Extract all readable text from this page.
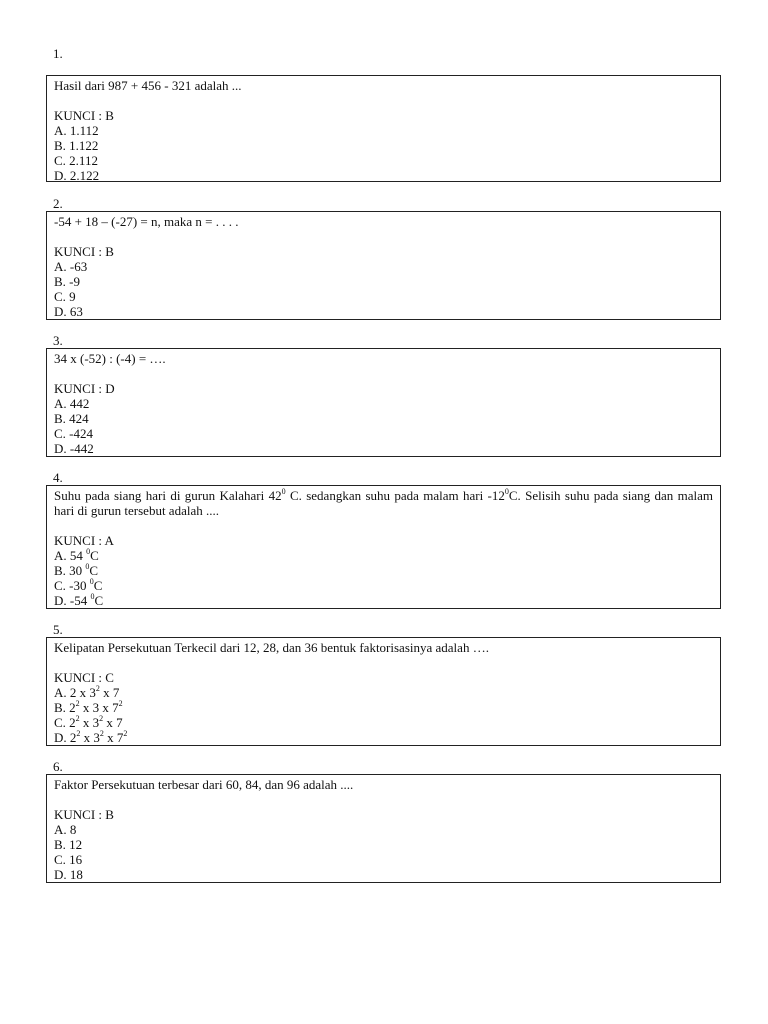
1.

Hasil dari 987 + 456 - 321 adalah ...

KUNCI : B

A. 1.112

B. 1.122

C. 2.112

D. 2.122

2.

-54 + 18 – (-27) = n, maka n = . . . .

KUNCI : B

A. -63

B. -9

C. 9

D. 63

3.

34 x (-52) : (-4) = ….

KUNCI : D

A. 442

B. 424

C. -424

D. -442

4.

Suhu pada siang hari di gurun Kalahari $42^0$ C. sedangkan suhu pada malam hari $-12^0C$. Selisih suhu pada siang dan malam hari di gurun tersebut adalah ....

KUNCI : A

A. 54 $^0$C

B. 30 $^0$C

C. -30 $^0$C

D. -54 $^0$C

5.

Kelipatan Persekutuan Terkecil dari 12, 28, dan 36 bentuk faktorisasinya adalah ….

KUNCI : C

A. 2 x $3^2$ x 7

B. $2^2$ x 3 x $7^2$

C. $2^2$ x $3^2$ x 7

D. $2^2$ x $3^2$ x $7^2$

6.

Faktor Persekutuan terbesar dari 60, 84, dan 96 adalah ....

KUNCI : B

A. 8

B. 12

C. 16

D. 18
